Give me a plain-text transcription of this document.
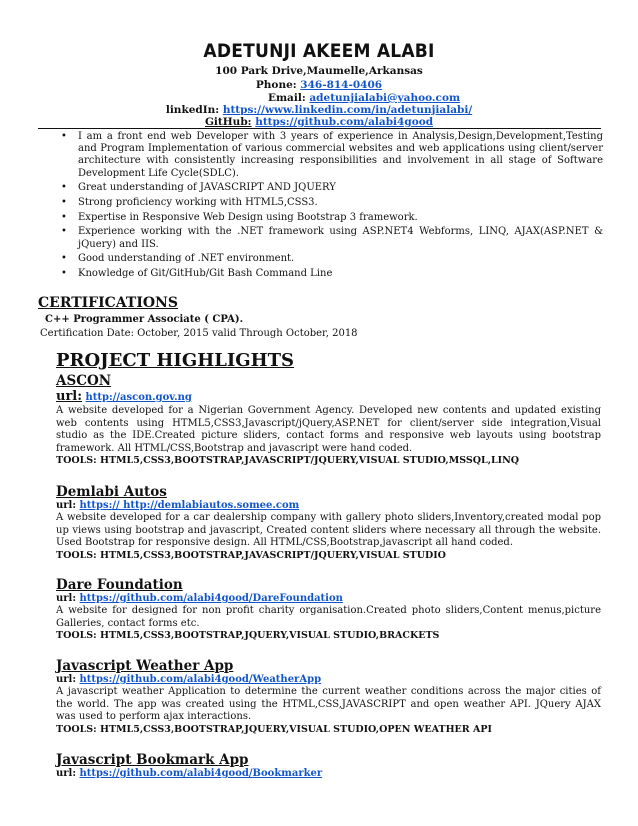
ADETUNJI AKEEM ALABI
100 Park Drive,Maumelle,Arkansas
Phone: 346-814-0406
Email: adetunjialabi@yahoo.com
linkedIn: https://www.linkedin.com/in/adetunjialabi/
GitHub: https://github.com/alabi4good
• I am a front end web Developer with 3 years of experience in Analysis,Design,Development,Testing and Program Implementation of various commercial websites and web applications using client/server architecture with consistently increasing responsibilities and involvement in all stage of Software Development Life Cycle(SDLC).
• Great understanding of JAVASCRIPT AND JQUERY
• Strong proficiency working with HTML5,CSS3.
• Expertise in Responsive Web Design using Bootstrap 3 framework.
• Experience working with the .NET framework using ASP.NET4 Webforms, LINQ, AJAX(ASP.NET & jQuery) and IIS.
• Good understanding of .NET environment.
• Knowledge of Git/GitHub/Git Bash Command Line
CERTIFICATIONS
C++ Programmer Associate ( CPA).
Certification Date: October, 2015 valid Through October, 2018
PROJECT HIGHLIGHTS
ASCON
url: http://ascon.gov.ng
A website developed for a Nigerian Government Agency. Developed new contents and updated existing web contents using HTML5,CSS3,Javascript/jQuery,ASP.NET for client/server side integration,Visual studio as the IDE.Created picture sliders, contact forms and responsive web layouts using bootstrap framework. All HTML/CSS,Bootstrap and javascript were hand coded.
TOOLS: HTML5,CSS3,BOOTSTRAP,JAVASCRIPT/JQUERY,VISUAL STUDIO,MSSQL,LINQ
Demlabi Autos
url: https:// http://demlabiautos.somee.com
A website developed for a car dealership company with gallery photo sliders,Inventory,created modal pop up views using bootstrap and javascript, Created content sliders where necessary all through the website. Used Bootstrap for responsive design. All HTML/CSS,Bootstrap,javascript all hand coded.
TOOLS: HTML5,CSS3,BOOTSTRAP,JAVASCRIPT/JQUERY,VISUAL STUDIO
Dare Foundation
url: https://github.com/alabi4good/DareFoundation
A website for designed for non profit charity organisation.Created photo sliders,Content menus,picture Galleries, contact forms etc.
TOOLS: HTML5,CSS3,BOOTSTRAP,JQUERY,VISUAL STUDIO,BRACKETS
Javascript Weather App
url: https://github.com/alabi4good/WeatherApp
A javascript weather Application to determine the current weather conditions across the major cities of the world. The app was created using the HTML,CSS,JAVASCRIPT and open weather API. JQuery AJAX was used to perform ajax interactions.
TOOLS: HTML5,CSS3,BOOTSTRAP,JQUERY,VISUAL STUDIO,OPEN WEATHER API
Javascript Bookmark App
url: https://github.com/alabi4good/Bookmarker
